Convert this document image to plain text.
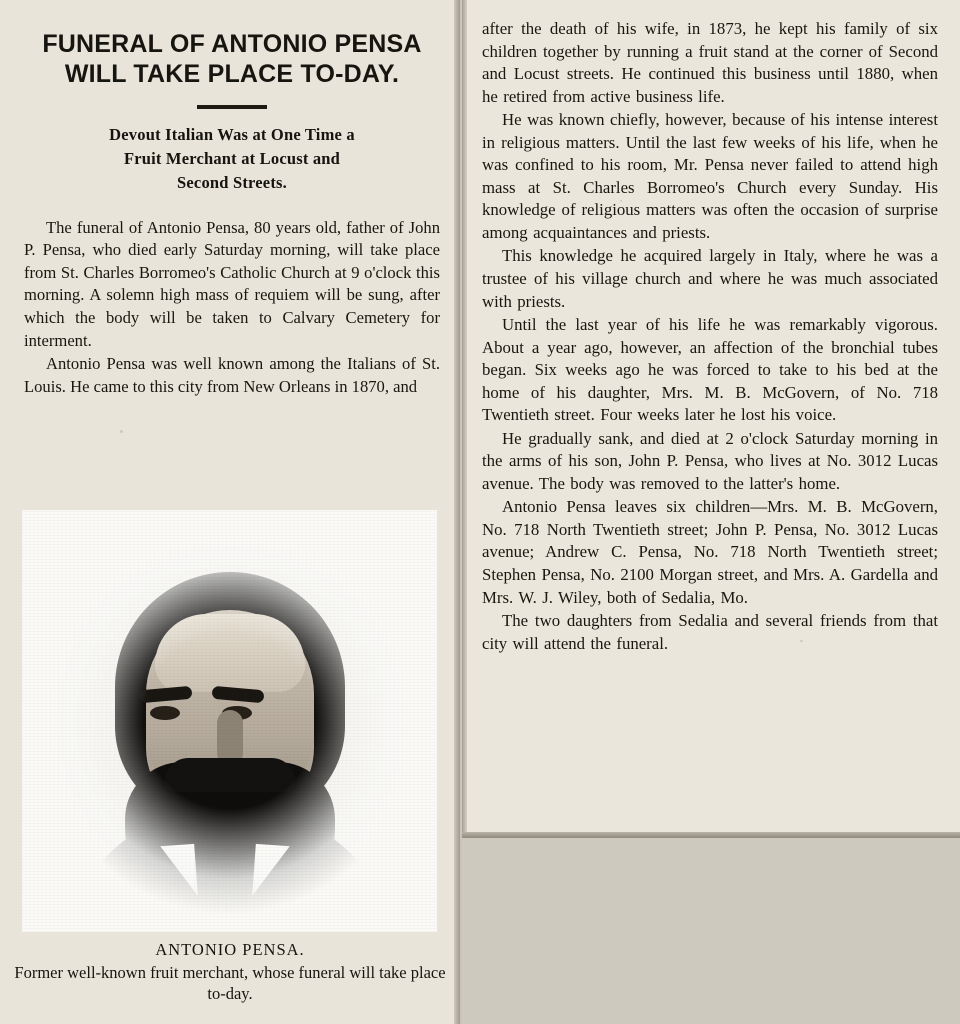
FUNERAL OF ANTONIO PENSA
WILL TAKE PLACE TO-DAY.
Devout Italian Was at One Time a
Fruit Merchant at Locust and
Second Streets.

The funeral of Antonio Pensa, 80 years old, father of John P. Pensa, who died early Saturday morning, will take place from St. Charles Borromeo's Catholic Church at 9 o'clock this morning. A solemn high mass of requiem will be sung, after which the body will be taken to Calvary Cemetery for interment.

Antonio Pensa was well known among the Italians of St. Louis. He came to this city from New Orleans in 1870, and

ANTONIO PENSA.
Former well-known fruit merchant, whose funeral will take place to-day.

after the death of his wife, in 1873, he kept his family of six children together by running a fruit stand at the corner of Second and Locust streets. He continued this business until 1880, when he retired from active business life.

He was known chiefly, however, because of his intense interest in religious matters. Until the last few weeks of his life, when he was confined to his room, Mr. Pensa never failed to attend high mass at St. Charles Borromeo's Church every Sunday. His knowledge of religious matters was often the occasion of surprise among acquaintances and priests.

This knowledge he acquired largely in Italy, where he was a trustee of his village church and where he was much associated with priests.

Until the last year of his life he was remarkably vigorous. About a year ago, however, an affection of the bronchial tubes began. Six weeks ago he was forced to take to his bed at the home of his daughter, Mrs. M. B. McGovern, of No. 718 Twentieth street. Four weeks later he lost his voice.

He gradually sank, and died at 2 o'clock Saturday morning in the arms of his son, John P. Pensa, who lives at No. 3012 Lucas avenue. The body was removed to the latter's home.

Antonio Pensa leaves six children—Mrs. M. B. McGovern, No. 718 North Twentieth street; John P. Pensa, No. 3012 Lucas avenue; Andrew C. Pensa, No. 718 North Twentieth street; Stephen Pensa, No. 2100 Morgan street, and Mrs. A. Gardella and Mrs. W. J. Wiley, both of Sedalia, Mo.

The two daughters from Sedalia and several friends from that city will attend the funeral.
